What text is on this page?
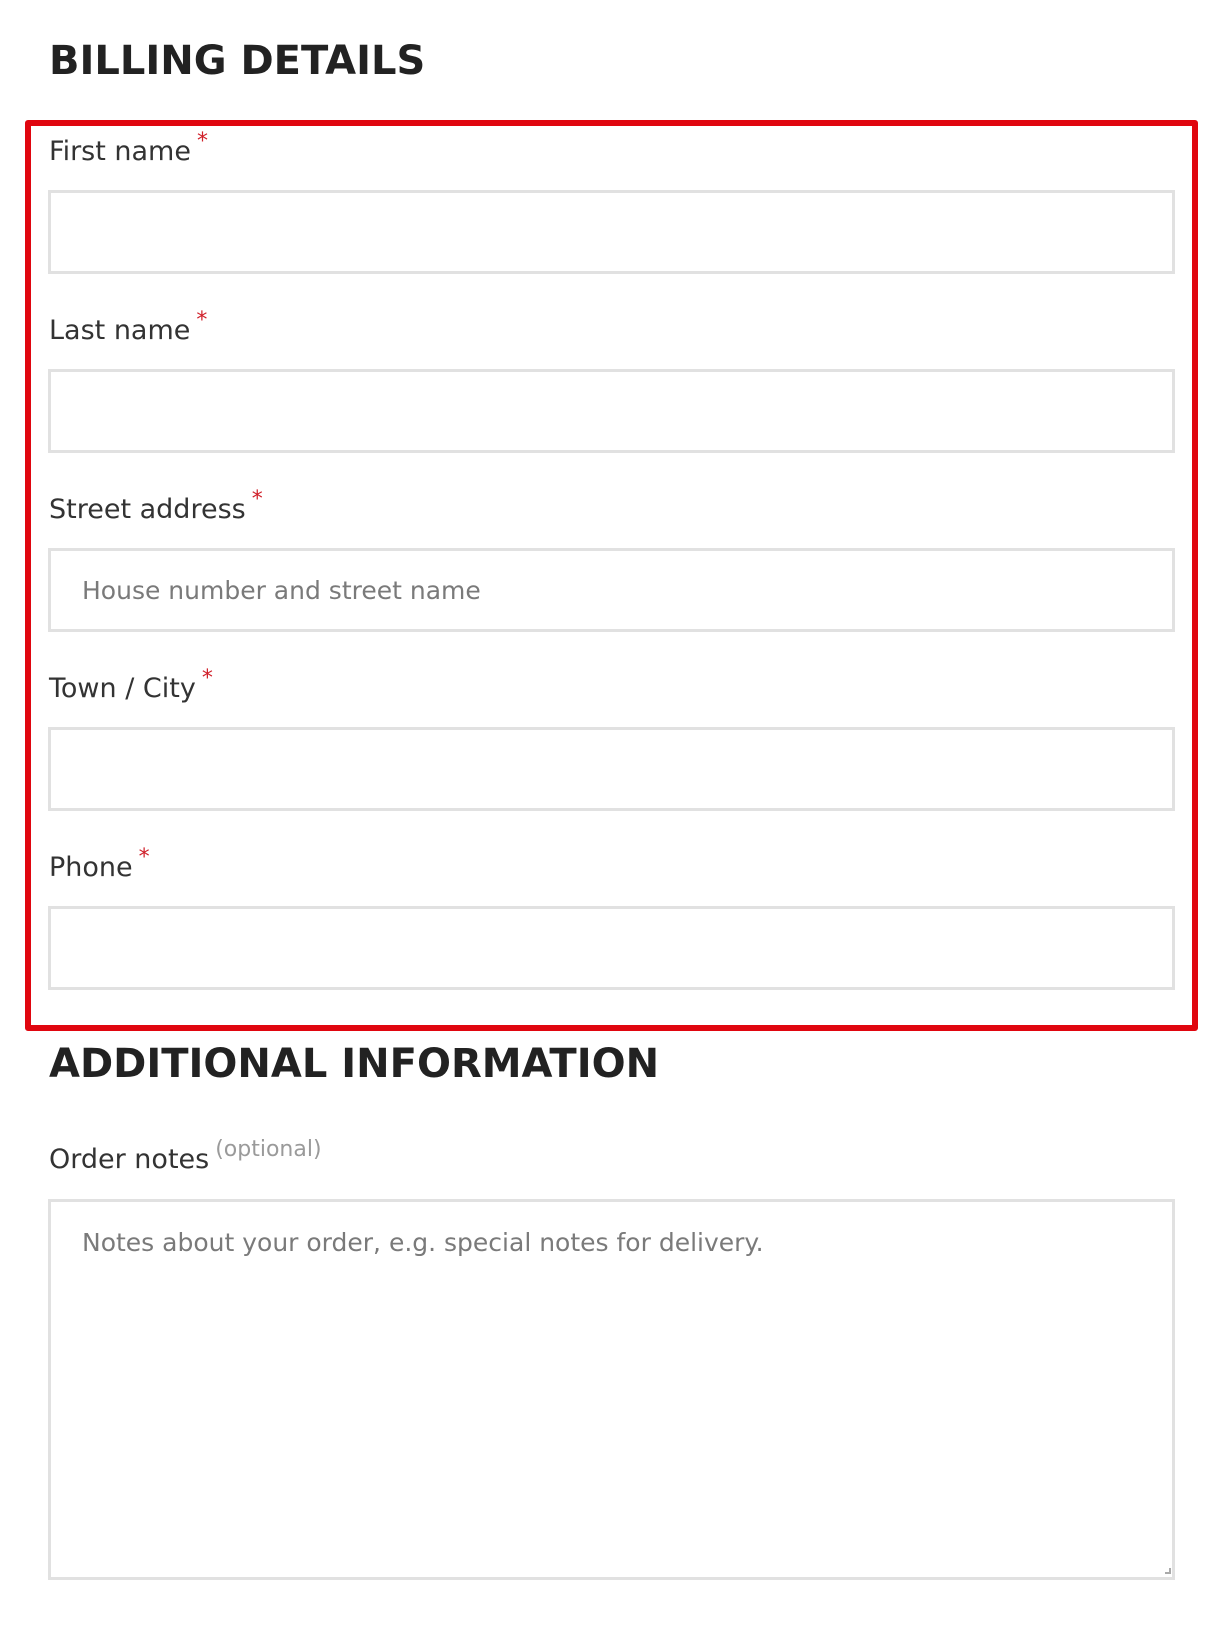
BILLING DETAILS
First name *
Last name *
Street address *
House number and street name
Town / City *
Phone *
ADDITIONAL INFORMATION
Order notes $^{(optional)}$
Notes about your order, e.g. special notes for delivery.
